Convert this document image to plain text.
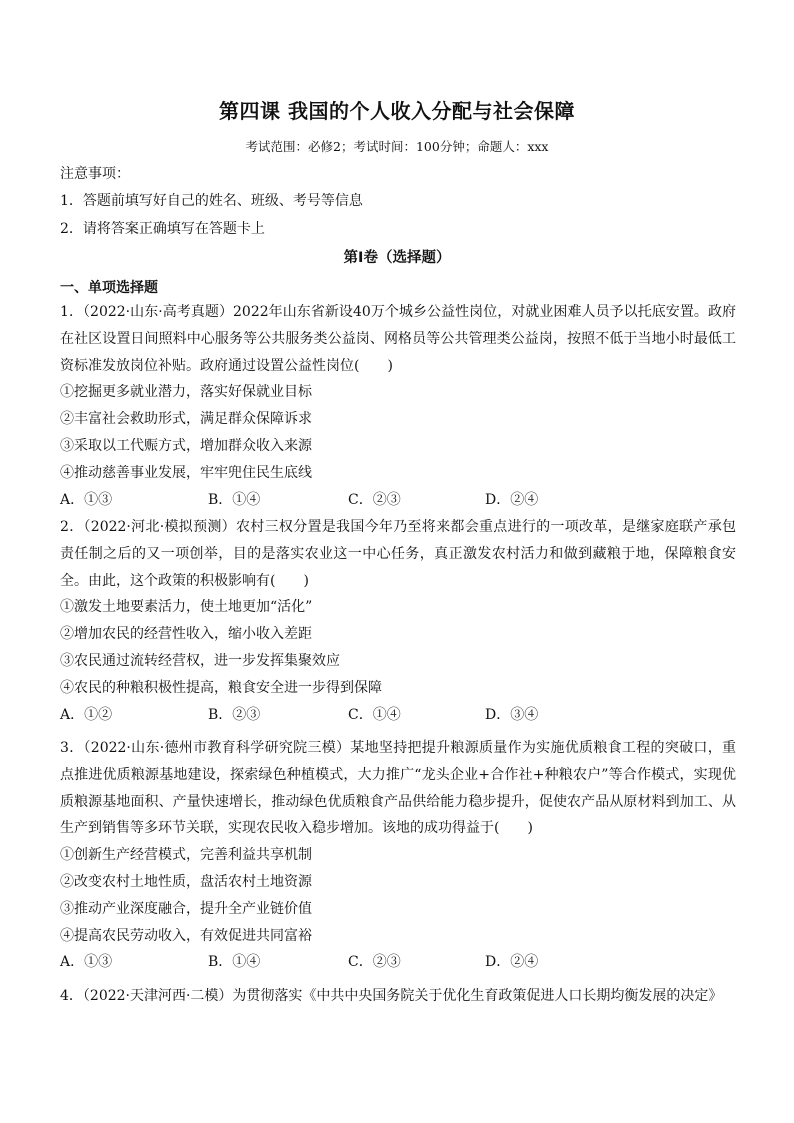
第四课 我国的个人收入分配与社会保障
考试范围：必修2；考试时间：100分钟；命题人：xxx
注意事项：
1．答题前填写好自己的姓名、班级、考号等信息
2．请将答案正确填写在答题卡上
第I卷（选择题）
一、单项选择题
1．（2022·山东·高考真题）2022年山东省新设40万个城乡公益性岗位，对就业困难人员予以托底安置。政府在社区设置日间照料中心服务等公共服务类公益岗、网格员等公共管理类公益岗，按照不低于当地小时最低工资标准发放岗位补贴。政府通过设置公益性岗位(　　)
①挖掘更多就业潜力，落实好保就业目标
②丰富社会救助形式，满足群众保障诉求
③采取以工代赈方式，增加群众收入来源
④推动慈善事业发展，牢牢兜住民生底线
A．①③	B．①④	C．②③	D．②④
2．（2022·河北·模拟预测）农村三权分置是我国今年乃至将来都会重点进行的一项改革，是继家庭联产承包责任制之后的又一项创举，目的是落实农业这一中心任务，真正激发农村活力和做到藏粮于地，保障粮食安全。由此，这个政策的积极影响有(　　)
①激发土地要素活力，使土地更加“活化”
②增加农民的经营性收入，缩小收入差距
③农民通过流转经营权，进一步发挥集聚效应
④农民的种粮积极性提高，粮食安全进一步得到保障
A．①②	B．②③	C．①④	D．③④
3．（2022·山东·德州市教育科学研究院三模）某地坚持把提升粮源质量作为实施优质粮食工程的突破口，重点推进优质粮源基地建设，探索绿色种植模式，大力推广“龙头企业+合作社+种粮农户”等合作模式，实现优质粮源基地面积、产量快速增长，推动绿色优质粮食产品供给能力稳步提升，促使农产品从原材料到加工、从生产到销售等多环节关联，实现农民收入稳步增加。该地的成功得益于(　　)
①创新生产经营模式，完善利益共享机制
②改变农村土地性质，盘活农村土地资源
③推动产业深度融合，提升全产业链价值
④提高农民劳动收入，有效促进共同富裕
A．①③	B．①④	C．②③	D．②④
4．（2022·天津河西·二模）为贯彻落实《中共中央国务院关于优化生育政策促进人口长期均衡发展的决定》
